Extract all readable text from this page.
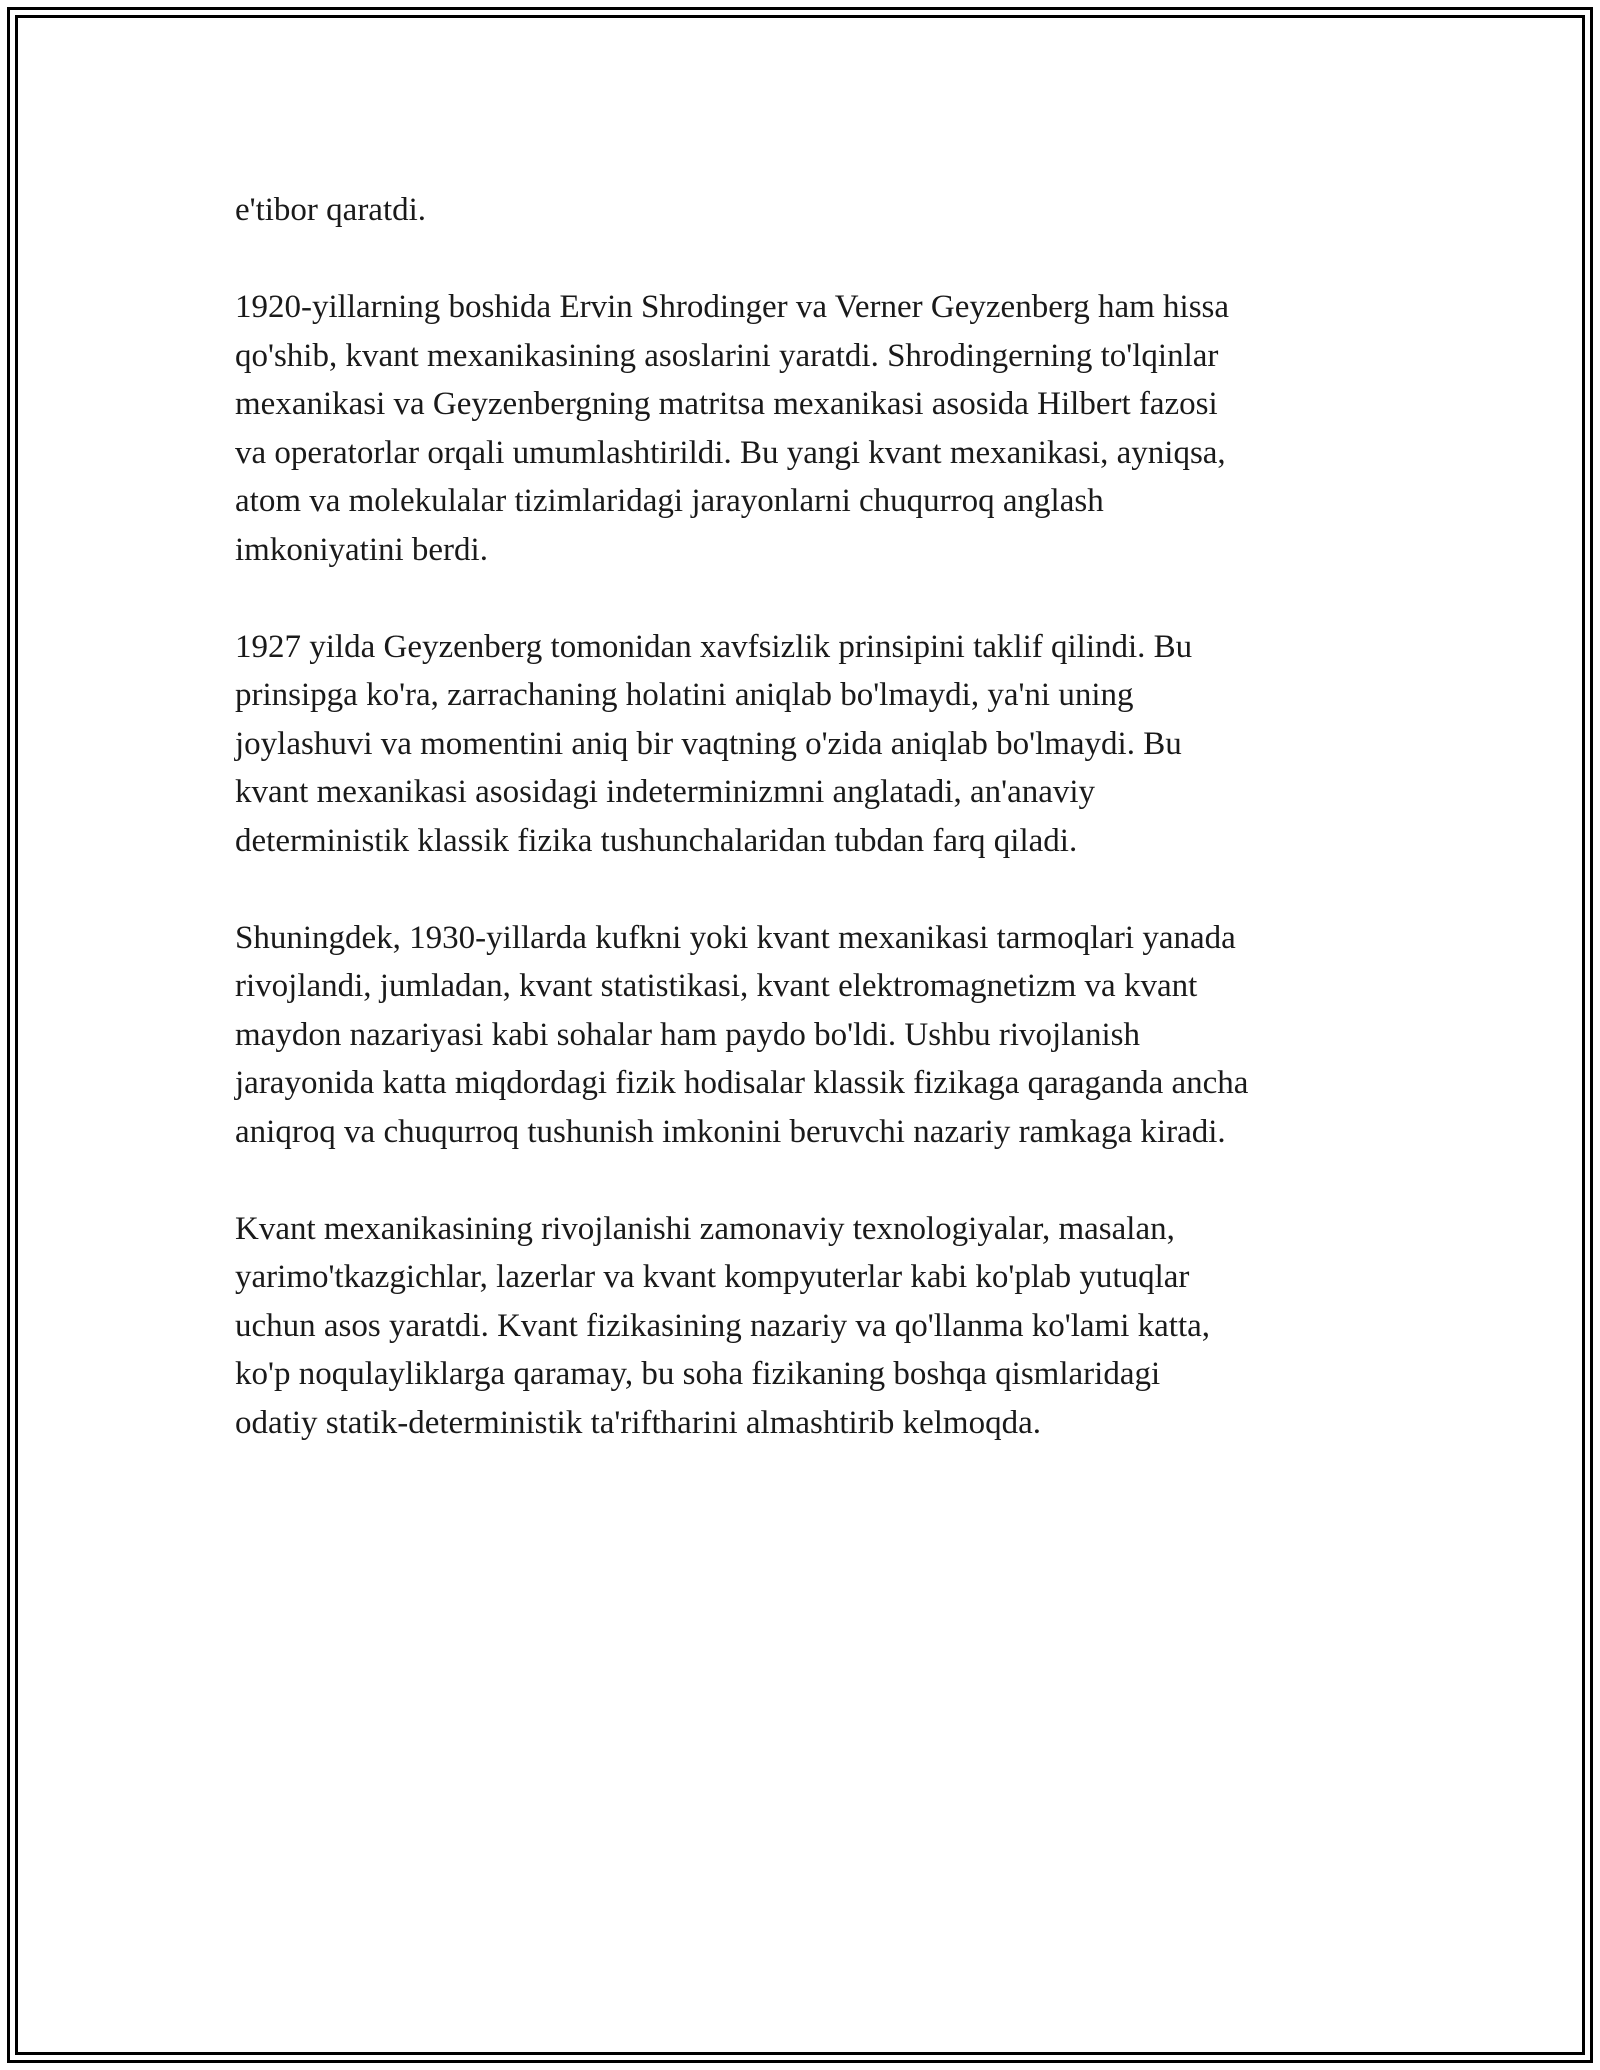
e'tibor qaratdi.

1920-yillarning boshida Ervin Shrodinger va Verner Geyzenberg ham hissa
qo'shib, kvant mexanikasining asoslarini yaratdi. Shrodingerning to'lqinlar
mexanikasi va Geyzenbergning matritsa mexanikasi asosida Hilbert fazosi
va operatorlar orqali umumlashtirildi. Bu yangi kvant mexanikasi, ayniqsa,
atom va molekulalar tizimlaridagi jarayonlarni chuqurroq anglash
imkoniyatini berdi.

1927 yilda Geyzenberg tomonidan xavfsizlik prinsipini taklif qilindi. Bu
prinsipga ko'ra, zarrachaning holatini aniqlab bo'lmaydi, ya'ni uning
joylashuvi va momentini aniq bir vaqtning o'zida aniqlab bo'lmaydi. Bu
kvant mexanikasi asosidagi indeterminizmni anglatadi, an'anaviy
deterministik klassik fizika tushunchalaridan tubdan farq qiladi.

Shuningdek, 1930-yillarda kufkni yoki kvant mexanikasi tarmoqlari yanada
rivojlandi, jumladan, kvant statistikasi, kvant elektromagnetizm va kvant
maydon nazariyasi kabi sohalar ham paydo bo'ldi. Ushbu rivojlanish
jarayonida katta miqdordagi fizik hodisalar klassik fizikaga qaraganda ancha
aniqroq va chuqurroq tushunish imkonini beruvchi nazariy ramkaga kiradi.

Kvant mexanikasining rivojlanishi zamonaviy texnologiyalar, masalan,
yarimo'tkazgichlar, lazerlar va kvant kompyuterlar kabi ko'plab yutuqlar
uchun asos yaratdi. Kvant fizikasining nazariy va qo'llanma ko'lami katta,
ko'p noqulayliklarga qaramay, bu soha fizikaning boshqa qismlaridagi
odatiy statik-deterministik ta'riftharini almashtirib kelmoqda.
